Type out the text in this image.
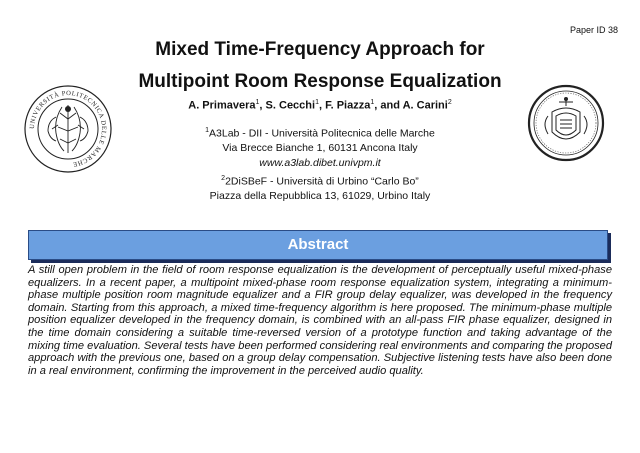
Paper ID 38
Mixed Time-Frequency Approach for
Multipoint Room Response Equalization
A. Primavera$^1$, S. Cecchi$^1$, F. Piazza$^1$, and A. Carini$^2$
$^1$A3Lab - DII - Università Politecnica delle Marche
Via Brecce Bianche 1, 60131 Ancona Italy
www.a3lab.dibet.univpm.it
$^2$2DiSBeF - Università di Urbino “Carlo Bo”
Piazza della Repubblica 13, 61029, Urbino Italy
UNIVERSITÀ POLITECNICA DELLE MARCHE
Abstract
A still open problem in the field of room response equalization is the development of perceptually useful mixed-phase equalizers. In a recent paper, a multipoint mixed-phase room response equalization system, integrating a minimum-phase multiple position room magnitude equalizer and a FIR group delay equalizer, was developed in the frequency domain. Starting from this approach, a mixed time-frequency algorithm is here proposed. The minimum-phase multiple position equalizer developed in the frequency domain, is combined with an all-pass FIR phase equalizer, designed in the time domain considering a suitable time-reversed version of a prototype function and taking advantage of the mixing time evaluation. Several tests have been performed considering real environments and comparing the proposed approach with the previous one, based on a group delay compensation. Subjective listening tests have also been done in a real environment, confirming the improvement in the perceived audio quality.
